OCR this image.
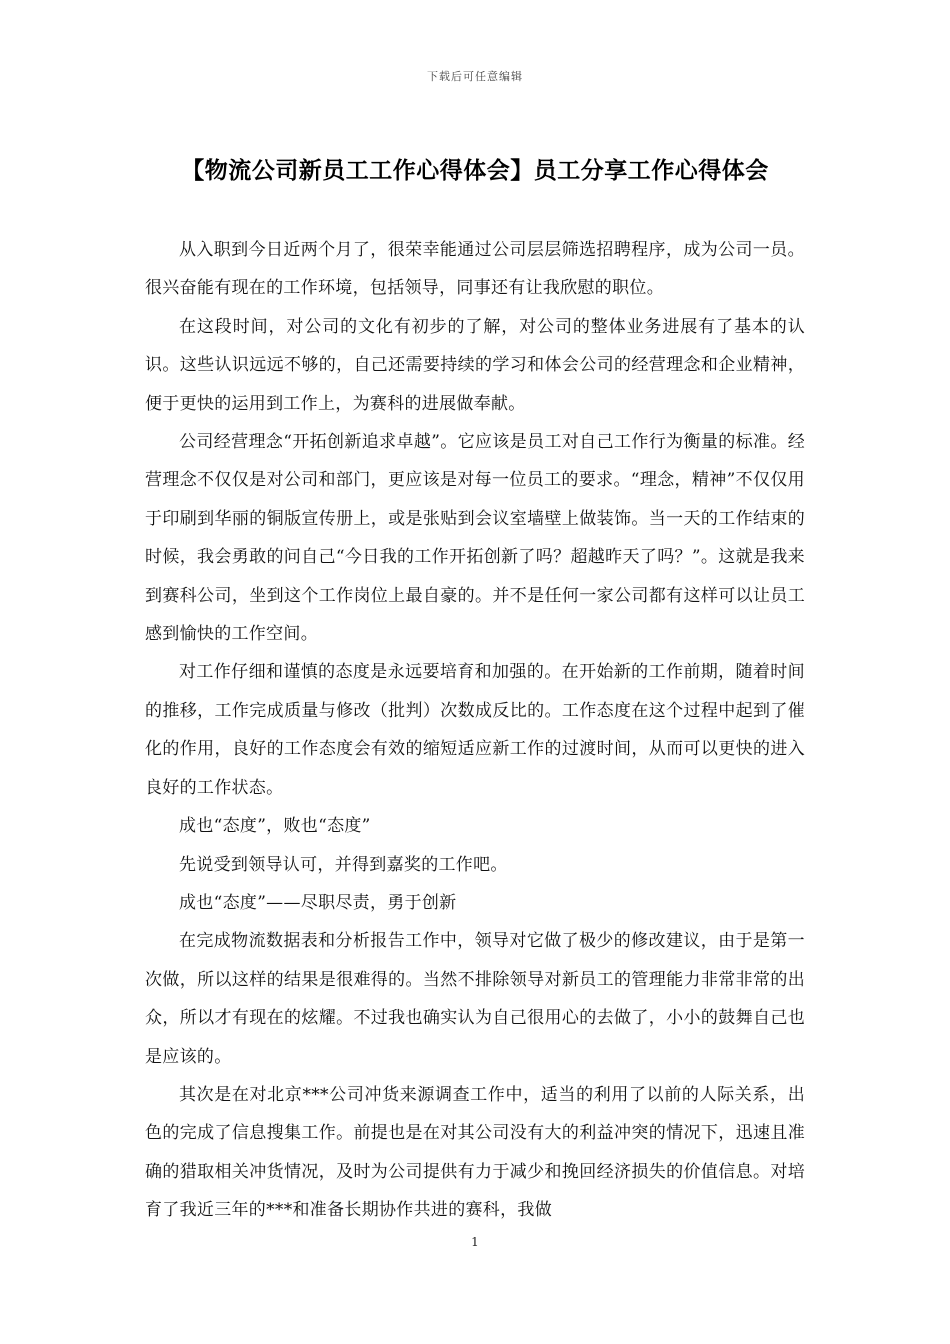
下载后可任意编辑
【物流公司新员工工作心得体会】员工分享工作心得体会

从入职到今日近两个月了，很荣幸能通过公司层层筛选招聘程序，成为公司一员。很兴奋能有现在的工作环境，包括领导，同事还有让我欣慰的职位。

在这段时间，对公司的文化有初步的了解，对公司的整体业务进展有了基本的认识。这些认识远远不够的，自己还需要持续的学习和体会公司的经营理念和企业精神，便于更快的运用到工作上，为赛科的进展做奉献。

公司经营理念“开拓创新追求卓越”。它应该是员工对自己工作行为衡量的标准。经营理念不仅仅是对公司和部门，更应该是对每一位员工的要求。“理念，精神”不仅仅用于印刷到华丽的铜版宣传册上，或是张贴到会议室墙壁上做装饰。当一天的工作结束的时候，我会勇敢的问自己“今日我的工作开拓创新了吗？超越昨天了吗？”。这就是我来到赛科公司，坐到这个工作岗位上最自豪的。并不是任何一家公司都有这样可以让员工感到愉快的工作空间。

对工作仔细和谨慎的态度是永远要培育和加强的。在开始新的工作前期，随着时间的推移，工作完成质量与修改（批判）次数成反比的。工作态度在这个过程中起到了催化的作用，良好的工作态度会有效的缩短适应新工作的过渡时间，从而可以更快的进入良好的工作状态。

成也“态度”，败也“态度”

先说受到领导认可，并得到嘉奖的工作吧。

成也“态度”——尽职尽责，勇于创新

在完成物流数据表和分析报告工作中，领导对它做了极少的修改建议，由于是第一次做，所以这样的结果是很难得的。当然不排除领导对新员工的管理能力非常非常的出众，所以才有现在的炫耀。不过我也确实认为自己很用心的去做了，小小的鼓舞自己也是应该的。

其次是在对北京***公司冲货来源调查工作中，适当的利用了以前的人际关系，出色的完成了信息搜集工作。前提也是在对其公司没有大的利益冲突的情况下，迅速且准确的猎取相关冲货情况，及时为公司提供有力于减少和挽回经济损失的价值信息。对培育了我近三年的***和准备长期协作共进的赛科，我做

1
